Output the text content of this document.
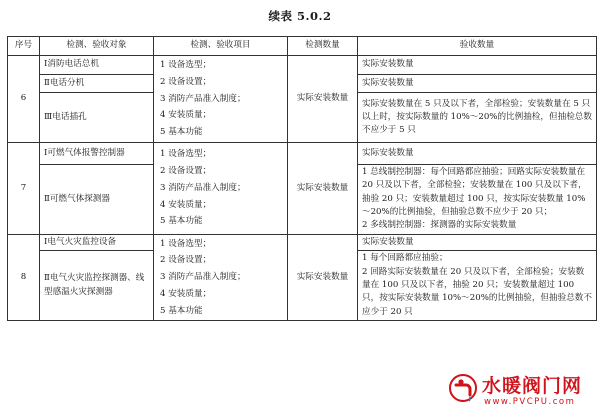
续表 5.0.2
序号	检测、验收对象	检测、验收项目	检测数量	验收数量
6	Ⅰ消防电话总机	1 设备选型；
2 设备设置；
3 消防产品准入制度；
4 安装质量；
5 基本功能	实际安装数量	实际安装数量
	Ⅱ电话分机			实际安装数量
	Ⅲ电话插孔			实际安装数量在 5 只及以下者，全部检验；安装数量在 5 只以上时，按实际数量的 10%～20%的比例抽检，但抽检总数不应少于 5 只
7	Ⅰ可燃气体报警控制器	1 设备选型；
2 设备设置；
3 消防产品准入制度；
4 安装质量；
5 基本功能	实际安装数量	实际安装数量
	Ⅱ可燃气体探测器			1 总线制控制器：每个回路都应抽验；回路实际安装数量在 20 只及以下者，全部检验；安装数量在 100 只及以下者，抽验 20 只；安装数量超过 100 只，按实际安装数量 10%～20%的比例抽验，但抽验总数不应少于 20 只；
2 多线制控制器：探测器的实际安装数量

8	Ⅰ电气火灾监控设备	1 设备选型；
2 设备设置；
3 消防产品准入制度；
4 安装质量；
5 基本功能	实际安装数量	实际安装数量
	Ⅱ电气火灾监控探测器、线型感温火灾探测器			1 每个回路都应抽验；
2 回路实际安装数量在 20 只及以下者，全部检验；安装数量在 100 只及以下者，抽验 20 只；安装数量超过 100 只，按实际安装数量 10%～20%的比例抽验，但抽验总数不应少于 20 只
水暖阀门网
www.PVCPU.com
